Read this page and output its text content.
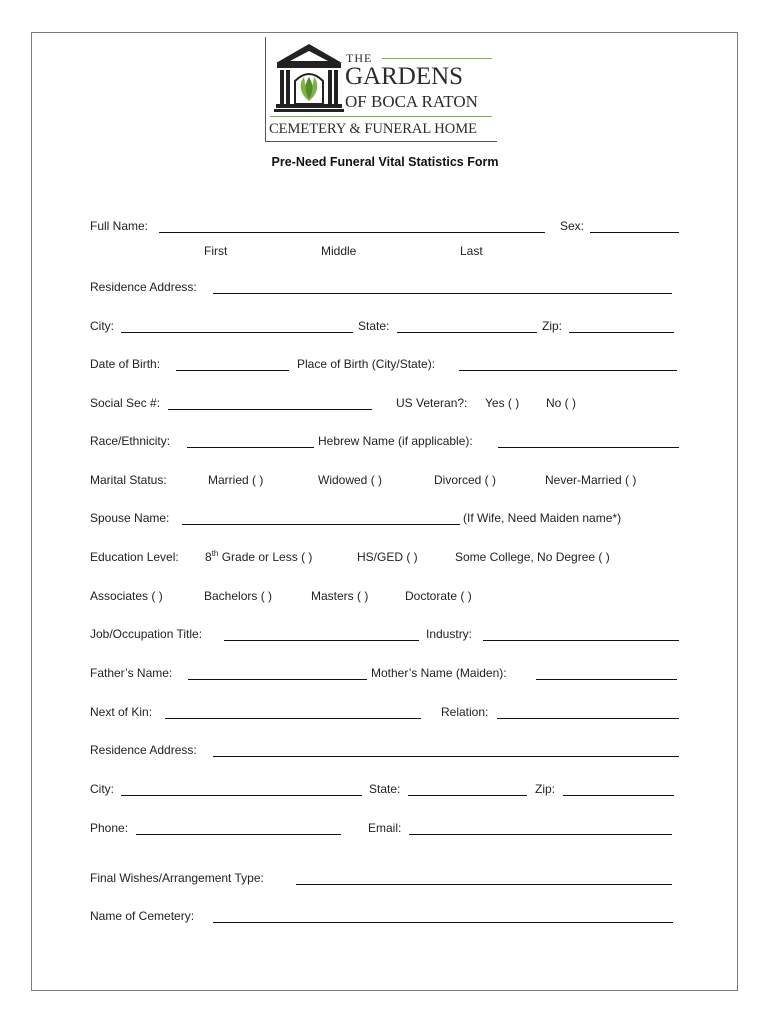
THE
GARDENS
OF BOCA RATON
CEMETERY & FUNERAL HOME
Pre-Need Funeral Vital Statistics Form
Full Name:	Sex:
First	Middle	Last
Residence Address:
City:	State:	Zip:
Date of Birth:	Place of Birth (City/State):
Social Sec #:	US Veteran?: Yes ( ) No ( )
Race/Ethnicity:	Hebrew Name (if applicable):
Marital Status:	Married ( )	Widowed ( )	Divorced ( )	Never-Married ( )
Spouse Name:	(If Wife, Need Maiden name*)
Education Level: 8th Grade or Less ( )	HS/GED ( )	Some College, No Degree ( )
Associates ( )	Bachelors ( )	Masters ( )	Doctorate ( )
Job/Occupation Title:	Industry:
Father’s Name:	Mother’s Name (Maiden):
Next of Kin:	Relation:
Residence Address:
City:	State:	Zip:
Phone:	Email:
Final Wishes/Arrangement Type:
Name of Cemetery:
